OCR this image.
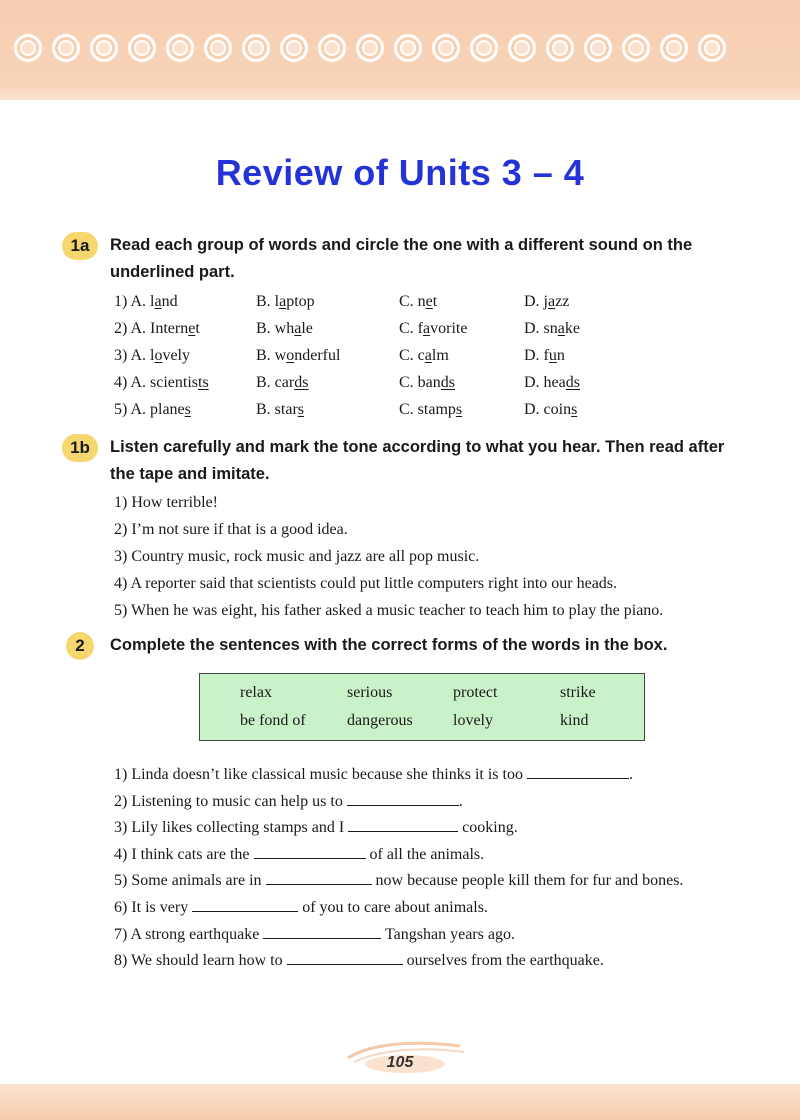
Review of Units 3 – 4
1a	Read each group of words and circle the one with a different sound on the underlined part.
1) A. land	B. laptop	C. net	D. jazz
2) A. Internet	B. whale	C. favorite	D. snake
3) A. lovely	B. wonderful	C. calm	D. fun
4) A. scientists	B. cards	C. bands	D. heads
5) A. planes	B. stars	C. stamps	D. coins
1b	Listen carefully and mark the tone according to what you hear. Then read after the tape and imitate.
1) How terrible!
2) I’m not sure if that is a good idea.
3) Country music, rock music and jazz are all pop music.
4) A reporter said that scientists could put little computers right into our heads.
5) When he was eight, his father asked a music teacher to teach him to play the piano.
2	Complete the sentences with the correct forms of the words in the box.
relax	serious	protect	strike
be fond of	dangerous	lovely	kind
1) Linda doesn’t like classical music because she thinks it is too	.
2) Listening to music can help us to	.
3) Lily likes collecting stamps and I	cooking.
4) I think cats are the	of all the animals.
5) Some animals are in	now because people kill them for fur and bones.
6) It is very	of you to care about animals.
7) A strong earthquake	Tangshan years ago.
8) We should learn how to	ourselves from the earthquake.
105
